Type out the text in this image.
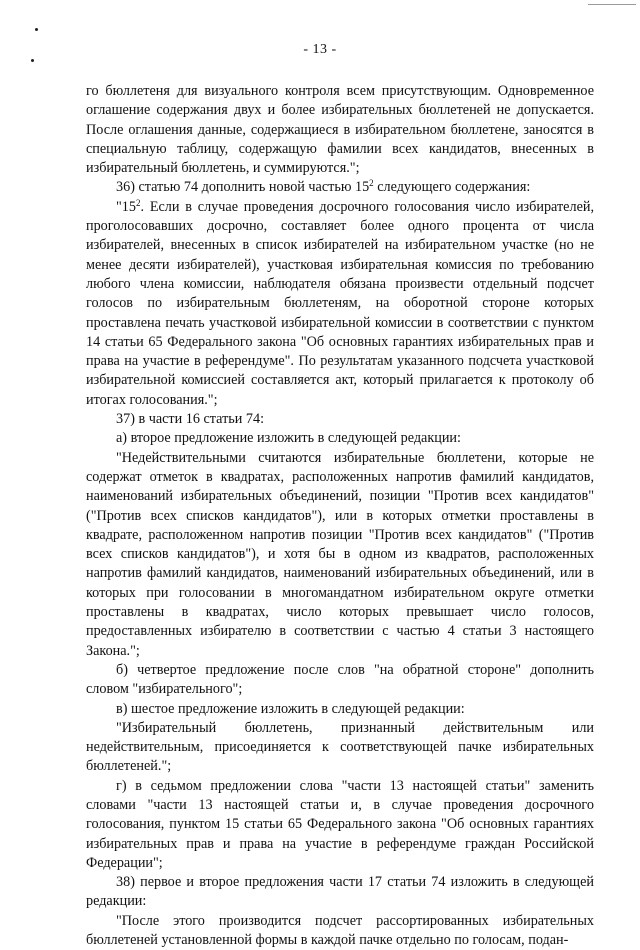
- 13 -

го бюллетеня для визуального контроля всем присутствующим. Одновременное оглашение содержания двух и более избирательных бюллетеней не допускается. После оглашения данные, содержащиеся в избирательном бюллетене, заносятся в специальную таблицу, содержащую фамилии всех кандидатов, внесенных в избирательный бюллетень, и суммируются.";

36) статью 74 дополнить новой частью $15^2$ следующего содержания:

"$15^2$. Если в случае проведения досрочного голосования число избирателей, проголосовавших досрочно, составляет более одного процента от числа избирателей, внесенных в список избирателей на избирательном участке (но не менее десяти избирателей), участковая избирательная комиссия по требованию любого члена комиссии, наблюдателя обязана произвести отдельный подсчет голосов по избирательным бюллетеням, на оборотной стороне которых проставлена печать участковой избирательной комиссии в соответствии с пунктом 14 статьи 65 Федерального закона "Об основных гарантиях избирательных прав и права на участие в референдуме". По результатам указанного подсчета участковой избирательной комиссией составляется акт, который прилагается к протоколу об итогах голосования.";

37) в части 16 статьи 74:

а) второе предложение изложить в следующей редакции:

"Недействительными считаются избирательные бюллетени, которые не содержат отметок в квадратах, расположенных напротив фамилий кандидатов, наименований избирательных объединений, позиции "Против всех кандидатов" ("Против всех списков кандидатов"), или в которых отметки проставлены в квадрате, расположенном напротив позиции "Против всех кандидатов" ("Против всех списков кандидатов"), и хотя бы в одном из квадратов, расположенных напротив фамилий кандидатов, наименований избирательных объединений, или в которых при голосовании в многомандатном избирательном округе отметки проставлены в квадратах, число которых превышает число голосов, предоставленных избирателю в соответствии с частью 4 статьи 3 настоящего Закона.";

б) четвертое предложение после слов "на обратной стороне" дополнить словом "избирательного";

в) шестое предложение изложить в следующей редакции:

"Избирательный бюллетень, признанный действительным или недействительным, присоединяется к соответствующей пачке избирательных бюллетеней.";

г) в седьмом предложении слова "части 13 настоящей статьи" заменить словами "части 13 настоящей статьи и, в случае проведения досрочного голосования, пунктом 15 статьи 65 Федерального закона "Об основных гарантиях избирательных прав и права на участие в референдуме граждан Российской Федерации";

38) первое и второе предложения части 17 статьи 74 изложить в следующей редакции:

"После этого производится подсчет рассортированных избирательных бюллетеней установленной формы в каждой пачке отдельно по голосам, подан-
